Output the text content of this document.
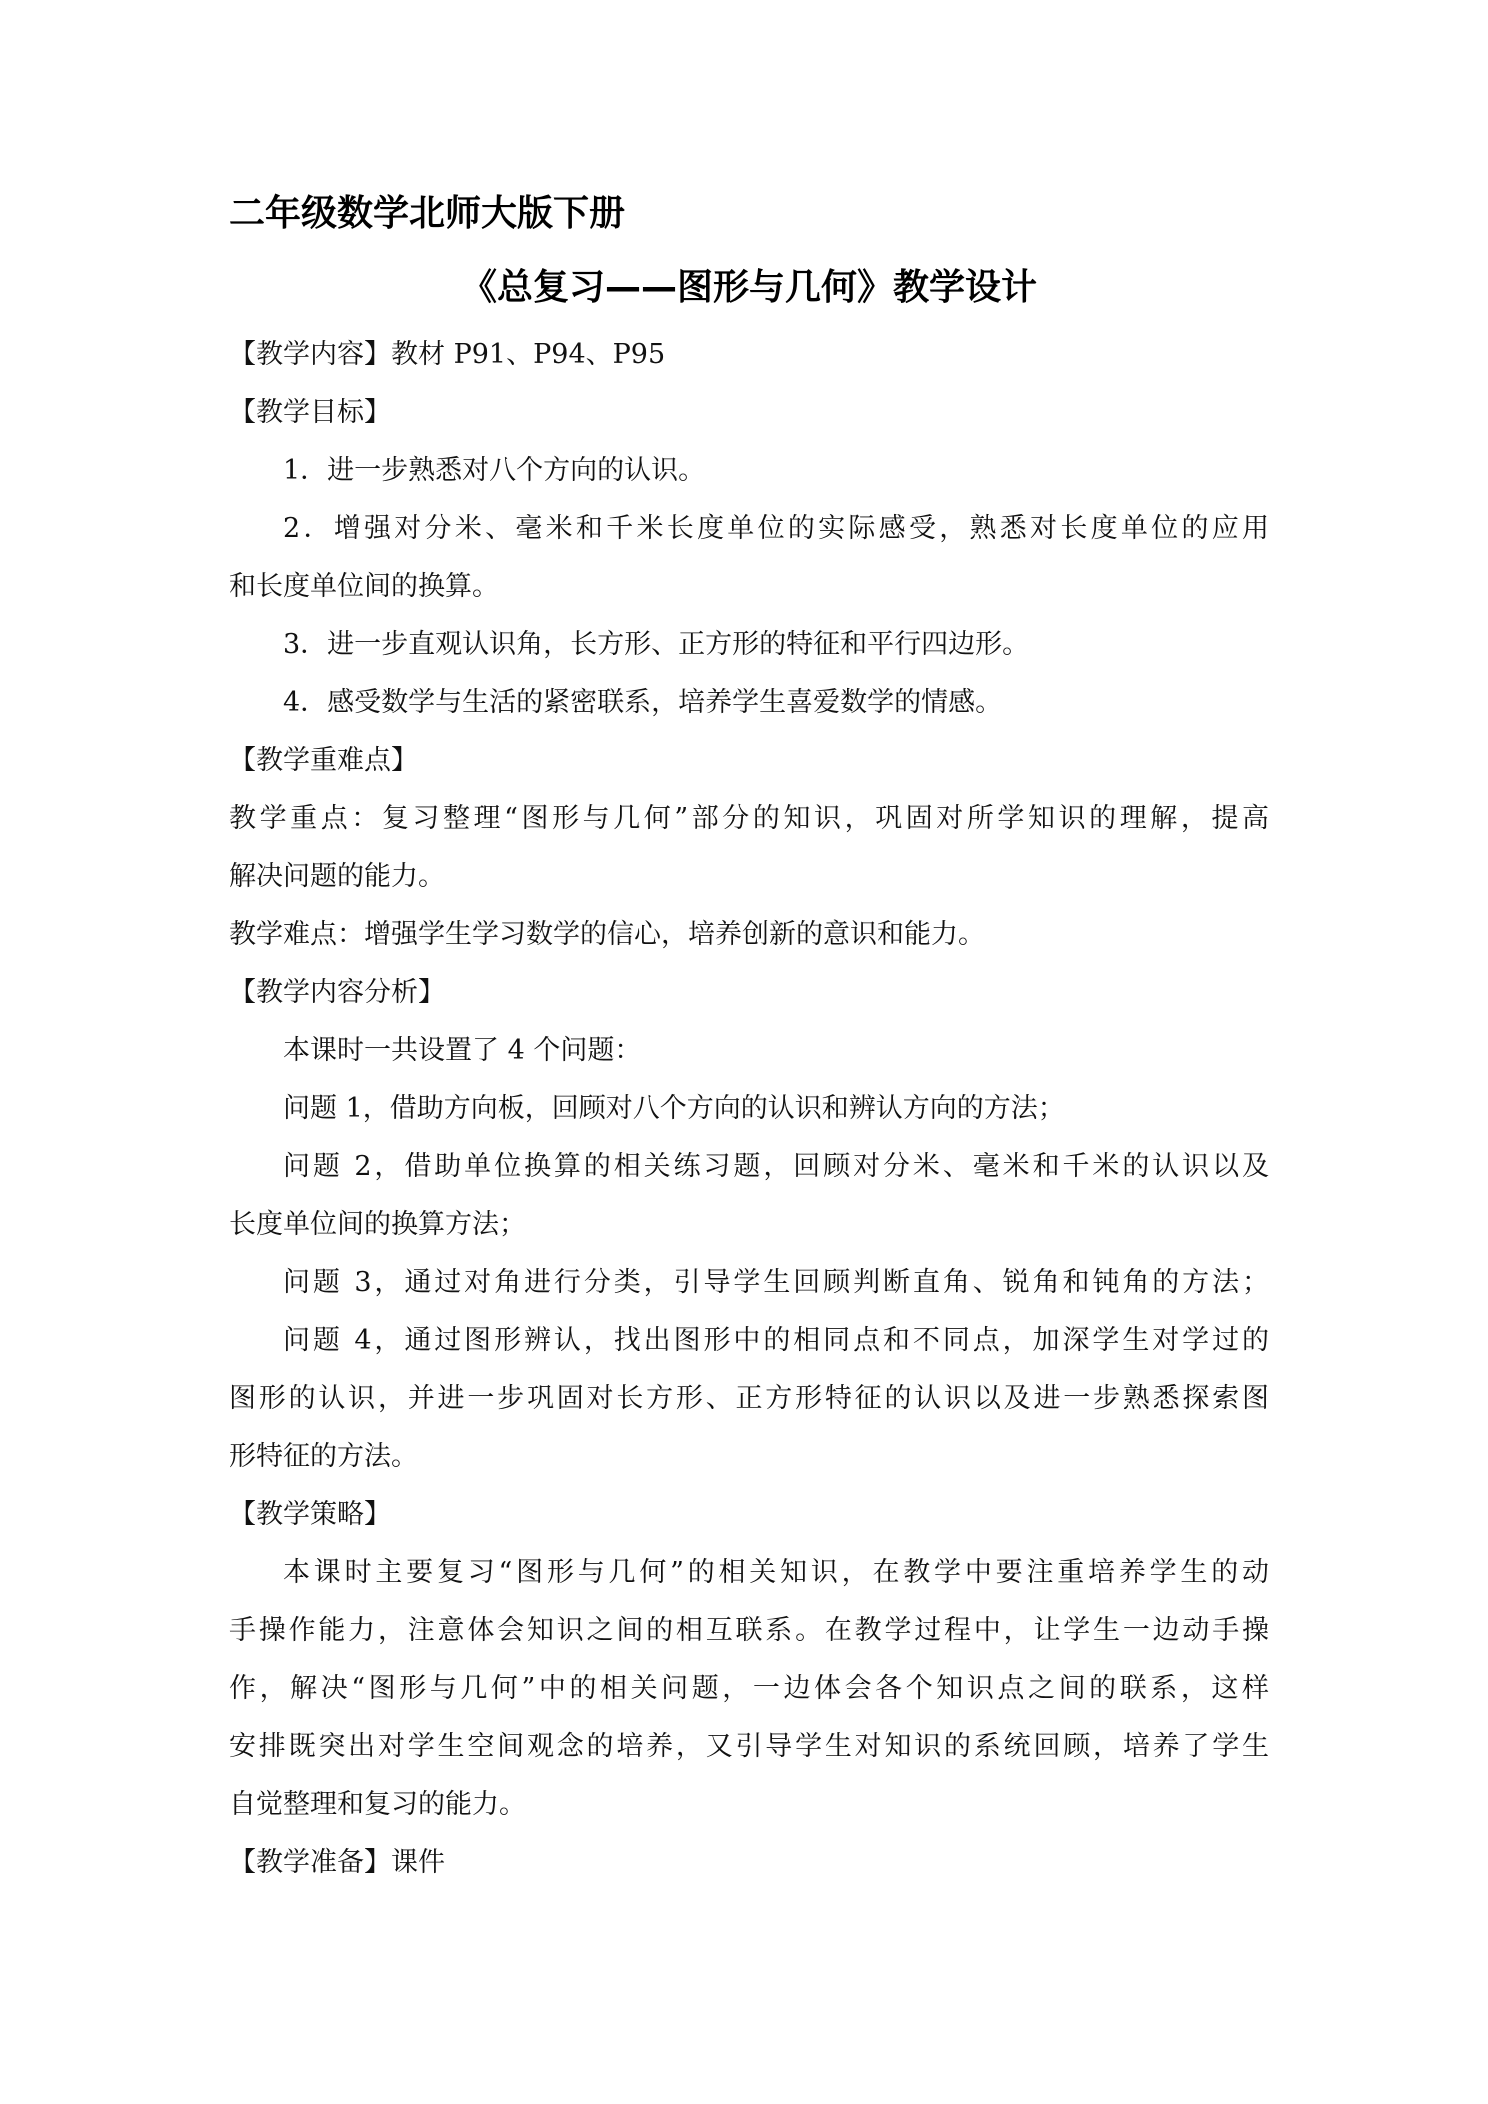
二年级数学北师大版下册
《总复习——图形与几何》教学设计
【教学内容】教材 P91、P94、P95
【教学目标】
1．进一步熟悉对八个方向的认识。
2．增强对分米、毫米和千米长度单位的实际感受，熟悉对长度单位的应用
和长度单位间的换算。
3．进一步直观认识角，长方形、正方形的特征和平行四边形。
4．感受数学与生活的紧密联系，培养学生喜爱数学的情感。
【教学重难点】
教学重点：复习整理“图形与几何”部分的知识，巩固对所学知识的理解，提高
解决问题的能力。
教学难点：增强学生学习数学的信心，培养创新的意识和能力。
【教学内容分析】
本课时一共设置了 4 个问题：
问题 1，借助方向板，回顾对八个方向的认识和辨认方向的方法；
问题 2，借助单位换算的相关练习题，回顾对分米、毫米和千米的认识以及
长度单位间的换算方法；
问题 3，通过对角进行分类，引导学生回顾判断直角、锐角和钝角的方法；
问题 4，通过图形辨认，找出图形中的相同点和不同点，加深学生对学过的
图形的认识，并进一步巩固对长方形、正方形特征的认识以及进一步熟悉探索图
形特征的方法。
【教学策略】
本课时主要复习“图形与几何”的相关知识，在教学中要注重培养学生的动
手操作能力，注意体会知识之间的相互联系。在教学过程中，让学生一边动手操
作，解决“图形与几何”中的相关问题，一边体会各个知识点之间的联系，这样
安排既突出对学生空间观念的培养，又引导学生对知识的系统回顾，培养了学生
自觉整理和复习的能力。
【教学准备】课件
